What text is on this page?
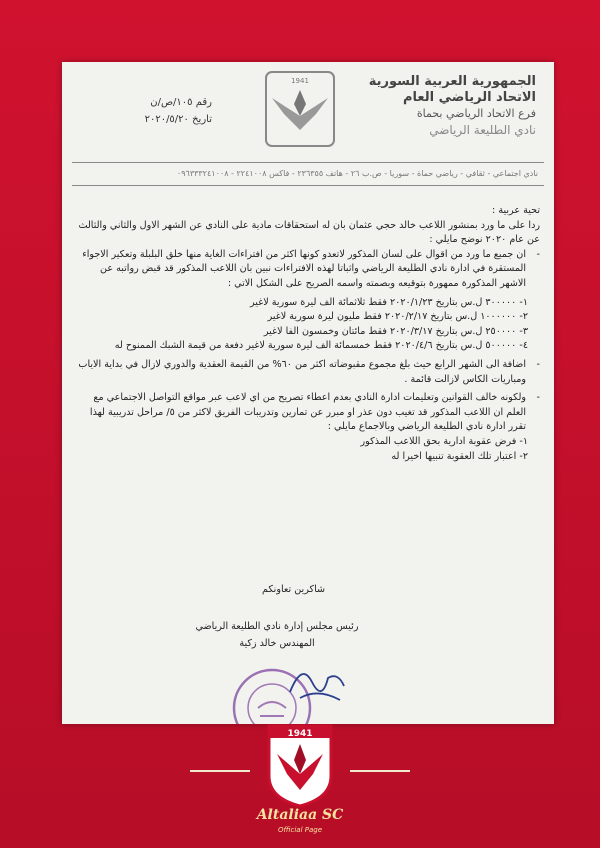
الجمهورية العربية السورية
الاتحاد الرياضي العام
فرع الاتحاد الرياضي بحماة
نادي الطليعة الرياضي
1941
رقم ١٠٥/ص/ن
تاريخ ٢٠٢٠/٥/٢٠
نادي اجتماعي - ثقافي - رياضي حماة - سوريا - ص.ب ٢٦ - هاتف ٢٣٦٣٥٥ - فاكس ٢٢٤١٠٠٨ - ٠٩٦٣٣٣٢٤١٠٠٨

تحية عربية :

ردا على ما ورد بمنشور اللاعب خالد حجي عثمان بان له استحقاقات مادية على النادي عن الشهر الاول والثاني والثالث عن عام ٢٠٢٠ نوضح مايلي :

- ان جميع ما ورد من اقوال على لسان المذكور لاتعدو كونها اكثر من افتراءات الغاية منها خلق البلبلة وتعكير الاجواء المستقرة في ادارة نادي الطليعة الرياضي واثباتا لهذه الافتراءات نبين بان اللاعب المذكور قد قبض رواتبه عن الاشهر المذكورة ممهورة بتوقيعه وبصمته واسمه الصريح على الشكل الاتي :

١- ٣٠٠٠٠٠ ل.س بتاريخ ٢٠٢٠/١/٢٣ فقط ثلاثمائة الف ليرة سورية لاغير

٢- ١٠٠٠٠٠٠ ل.س بتاريخ ٢٠٢٠/٢/١٧ فقط مليون ليرة سورية لاغير

٣- ٢٥٠٠٠٠ ل.س بتاريخ ٢٠٢٠/٣/١٧ فقط مائتان وخمسون الفا لاغير

٤- ٥٠٠٠٠٠ ل.س بتاريخ ٢٠٢٠/٤/٦ فقط خمسمائة الف ليرة سورية لاغير دفعة من قيمة الشبك الممنوح له

- اضافة الى الشهر الرابع حيث بلغ مجموع مقبوضاته اكثر من ٦٠% من القيمة العقدية والدوري لازال في بداية الاياب ومباريات الكاس لازالت قائمة .

- ولكونه خالف القوانين وتعليمات ادارة النادي بعدم اعطاء تصريح من اي لاعب عبر مواقع التواصل الاجتماعي مع العلم ان اللاعب المذكور قد تغيب دون عذر او مبرر عن تمارين وتدريبات الفريق لاكثر من ٥/ مراحل تدريبية لهذا تقرر ادارة نادي الطليعة الرياضي وبالاجماع مايلي :

١- فرض عقوبة ادارية بحق اللاعب المذكور

٢- اعتبار تلك العقوبة تنبيها اخيرا له

شاكرين تعاونكم
رئيس مجلس إدارة نادي الطليعة الرياضي
المهندس خالد زكية
1941
Altaliaa SC
Official Page
